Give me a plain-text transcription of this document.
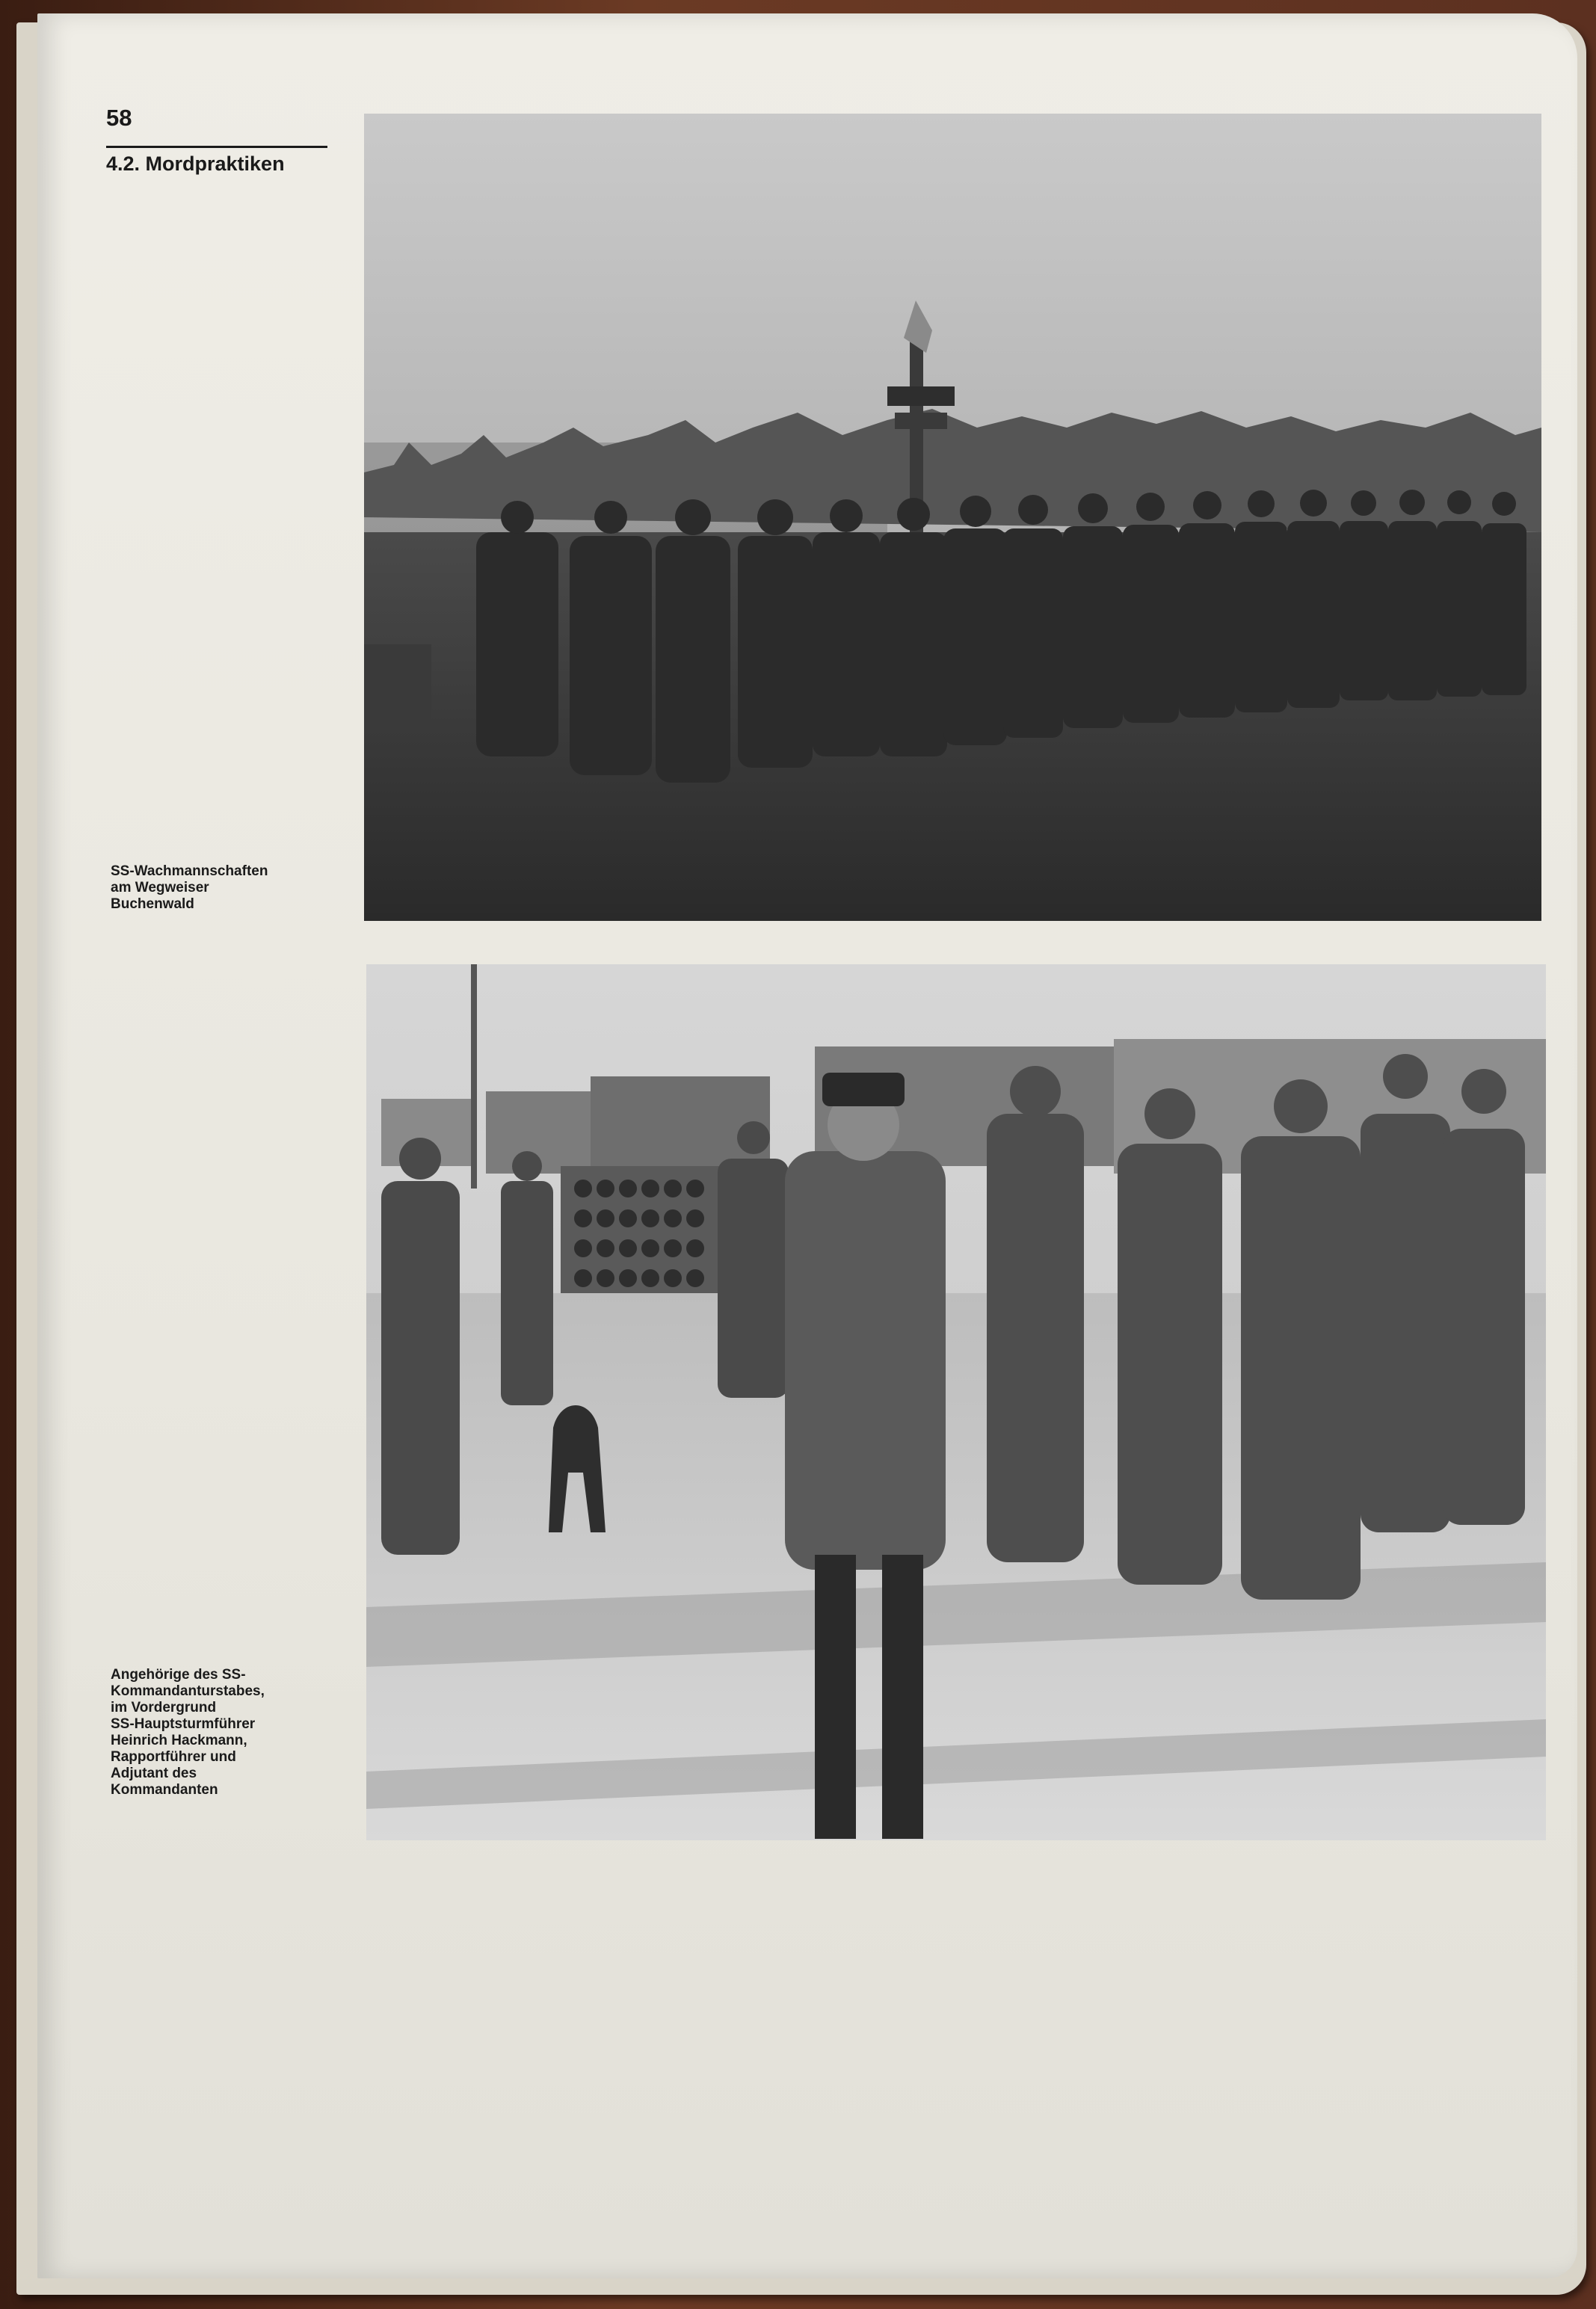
58
4.2. Mordpraktiken
SS-Wachmannschaften
am Wegweiser
Buchenwald
Angehörige des SS-
Kommandanturstabes,
im Vordergrund
SS-Hauptsturmführer
Heinrich Hackmann,
Rapportführer und
Adjutant des
Kommandanten
